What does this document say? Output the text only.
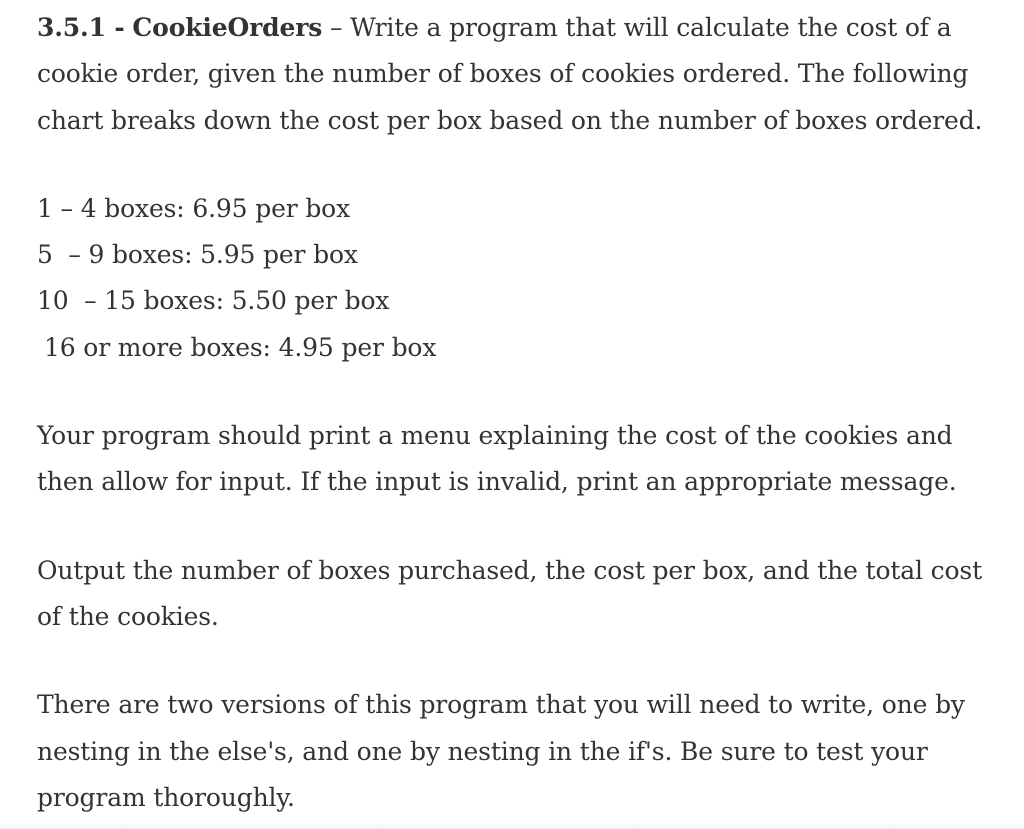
3.5.1 - CookieOrders – Write a program that will calculate the cost of a cookie order, given the number of boxes of cookies ordered. The following chart breaks down the cost per box based on the number of boxes ordered.

1 – 4 boxes: 6.95 per box

5  – 9 boxes: 5.95 per box

10  – 15 boxes: 5.50 per box

16 or more boxes: 4.95 per box

Your program should print a menu explaining the cost of the cookies and then allow for input. If the input is invalid, print an appropriate message.

Output the number of boxes purchased, the cost per box, and the total cost of the cookies.

There are two versions of this program that you will need to write, one by nesting in the else's, and one by nesting in the if's. Be sure to test your program thoroughly.
